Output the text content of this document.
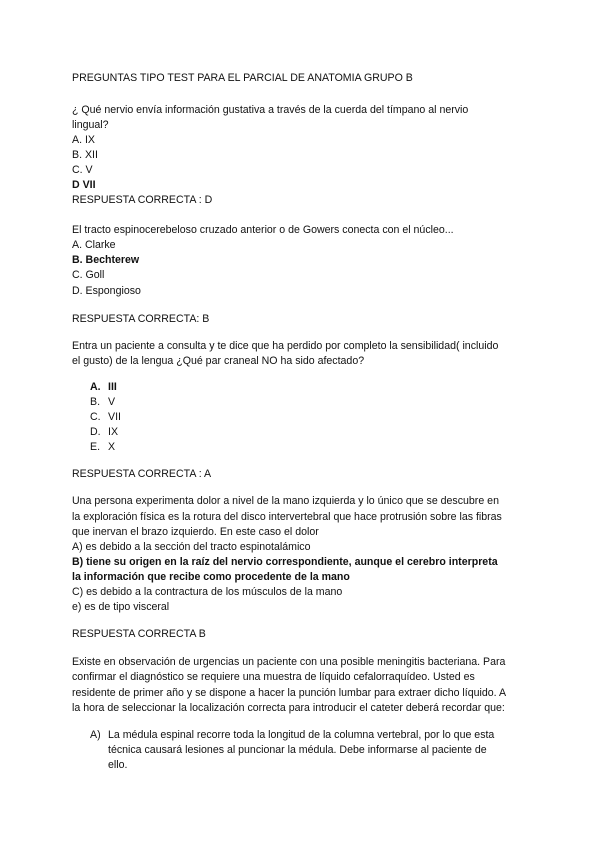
PREGUNTAS TIPO TEST PARA EL PARCIAL DE ANATOMIA GRUPO B
¿ Qué nervio envía información gustativa a través de la cuerda del tímpano al nervio
lingual?
A. IX
B. XII
C. V
D VII
RESPUESTA CORRECTA : D
El tracto espinocerebeloso cruzado anterior o de Gowers conecta con el núcleo...
A. Clarke
B. Bechterew
C. Goll
D. Espongioso
RESPUESTA CORRECTA: B
Entra un paciente a consulta y te dice que ha perdido por completo la sensibilidad( incluido
el gusto) de la lengua ¿Qué par craneal NO ha sido afectado?
A. III
B. V
C. VII
D. IX
E. X
RESPUESTA CORRECTA : A
Una persona experimenta dolor a nivel de la mano izquierda y lo único que se descubre en
la exploración física es la rotura del disco intervertebral que hace protrusión sobre las fibras
que inervan el brazo izquierdo. En este caso el dolor
A) es debido a la sección del tracto espinotalámico
B) tiene su origen en la raíz del nervio correspondiente, aunque el cerebro interpreta
la información que recibe como procedente de la mano
C) es debido a la contractura de los músculos de la mano
e) es de tipo visceral
RESPUESTA CORRECTA B
Existe en observación de urgencias un paciente con una posible meningitis bacteriana. Para
confirmar el diagnóstico se requiere una muestra de líquido cefalorraquídeo. Usted es
residente de primer año y se dispone a hacer la punción lumbar para extraer dicho líquido. A
la hora de seleccionar la localización correcta para introducir el cateter deberá recordar que:
A) La médula espinal recorre toda la longitud de la columna vertebral, por lo que esta
técnica causará lesiones al puncionar la médula. Debe informarse al paciente de
ello.
